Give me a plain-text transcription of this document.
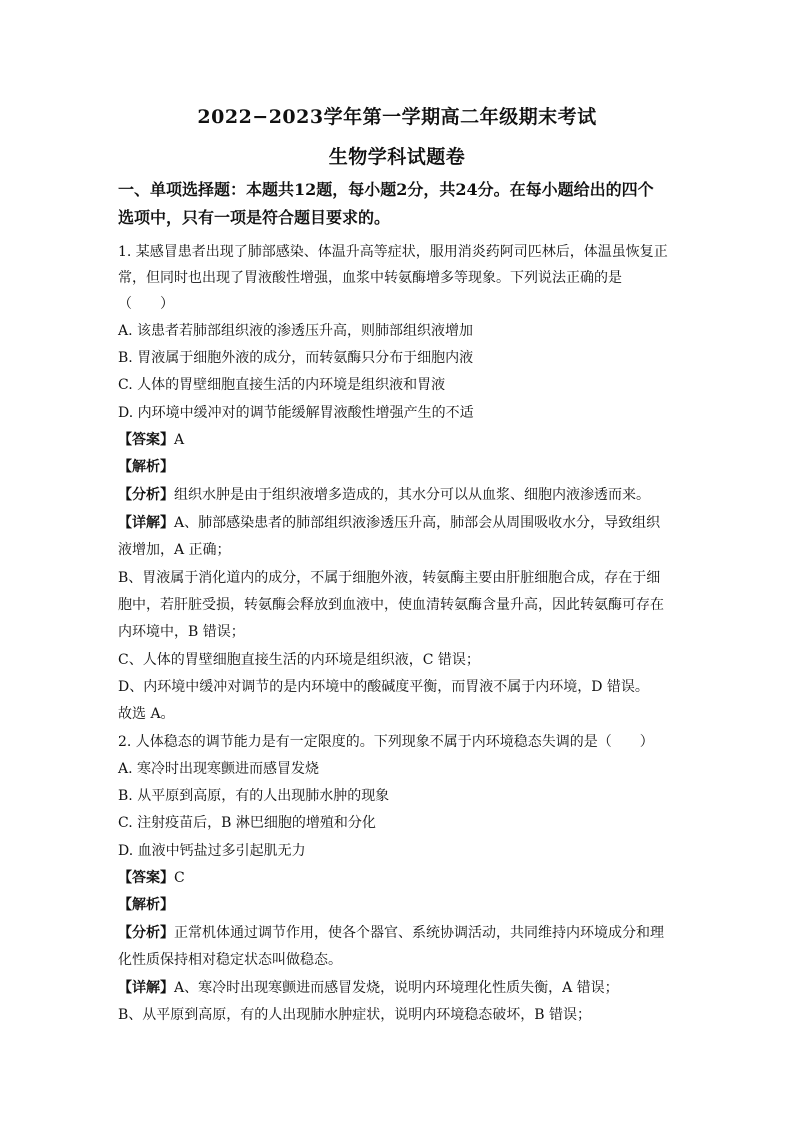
2022−2023学年第一学期高二年级期末考试
生物学科试题卷
一、单项选择题：本题共12题，每小题2分，共24分。在每小题给出的四个
选项中，只有一项是符合题目要求的。
1. 某感冒患者出现了肺部感染、体温升高等症状，服用消炎药阿司匹林后，体温虽恢复正
常，但同时也出现了胃液酸性增强，血浆中转氨酶增多等现象。下列说法正确的是
（　　）
A. 该患者若肺部组织液的渗透压升高，则肺部组织液增加
B. 胃液属于细胞外液的成分，而转氨酶只分布于细胞内液
C. 人体的胃壁细胞直接生活的内环境是组织液和胃液
D. 内环境中缓冲对的调节能缓解胃液酸性增强产生的不适
【答案】A
【解析】
【分析】组织水肿是由于组织液增多造成的，其水分可以从血浆、细胞内液渗透而来。
【详解】A、肺部感染患者的肺部组织液渗透压升高，肺部会从周围吸收水分，导致组织
液增加，A 正确；
B、胃液属于消化道内的成分，不属于细胞外液，转氨酶主要由肝脏细胞合成，存在于细
胞中，若肝脏受损，转氨酶会释放到血液中，使血清转氨酶含量升高，因此转氨酶可存在
内环境中，B 错误；
C、人体的胃壁细胞直接生活的内环境是组织液，C 错误；
D、内环境中缓冲对调节的是内环境中的酸碱度平衡，而胃液不属于内环境，D 错误。
故选 A。
2. 人体稳态的调节能力是有一定限度的。下列现象不属于内环境稳态失调的是（　　）
A. 寒冷时出现寒颤进而感冒发烧
B. 从平原到高原，有的人出现肺水肿的现象
C. 注射疫苗后，B 淋巴细胞的增殖和分化
D. 血液中钙盐过多引起肌无力
【答案】C
【解析】
【分析】正常机体通过调节作用，使各个器官、系统协调活动，共同维持内环境成分和理
化性质保持相对稳定状态叫做稳态。
【详解】A、寒冷时出现寒颤进而感冒发烧，说明内环境理化性质失衡，A 错误；
B、从平原到高原，有的人出现肺水肿症状，说明内环境稳态破坏，B 错误；
